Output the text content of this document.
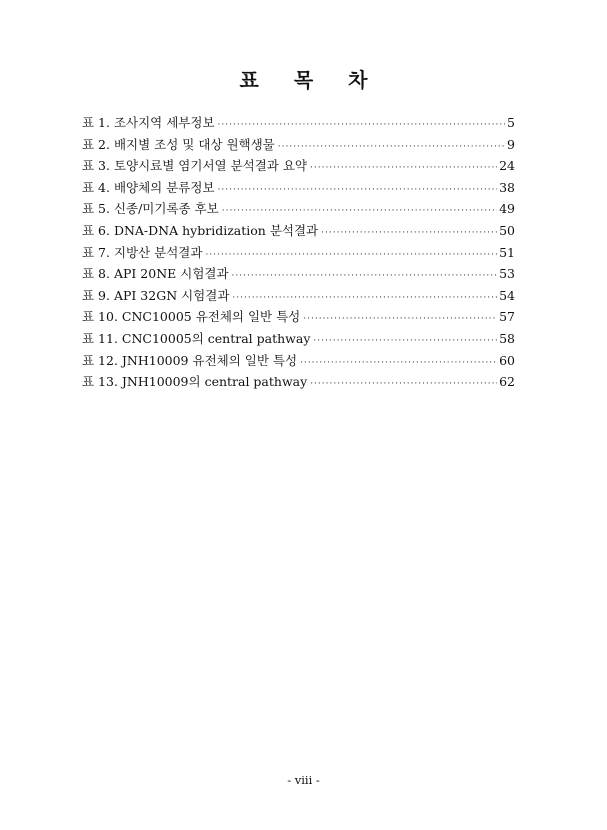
표 목 차
표 1. 조사지역 세부정보 ·····	5
표 2. 배지별 조성 및 대상 원핵생물 ·····	9
표 3. 토양시료별 염기서열 분석결과 요약 ·····	24
표 4. 배양체의 분류정보 ·····	38
표 5. 신종/미기록종 후보 ·····	49
표 6. DNA-DNA hybridization 분석결과 ·····	50
표 7. 지방산 분석결과 ·····	51
표 8. API 20NE 시험결과 ·····	53
표 9. API 32GN 시험결과 ·····	54
표 10. CNC10005 유전체의 일반 특성 ·····	57
표 11. CNC10005의 central pathway ·····	58
표 12. JNH10009 유전체의 일반 특성 ·····	60
표 13. JNH10009의 central pathway ·····	62
- viii -
